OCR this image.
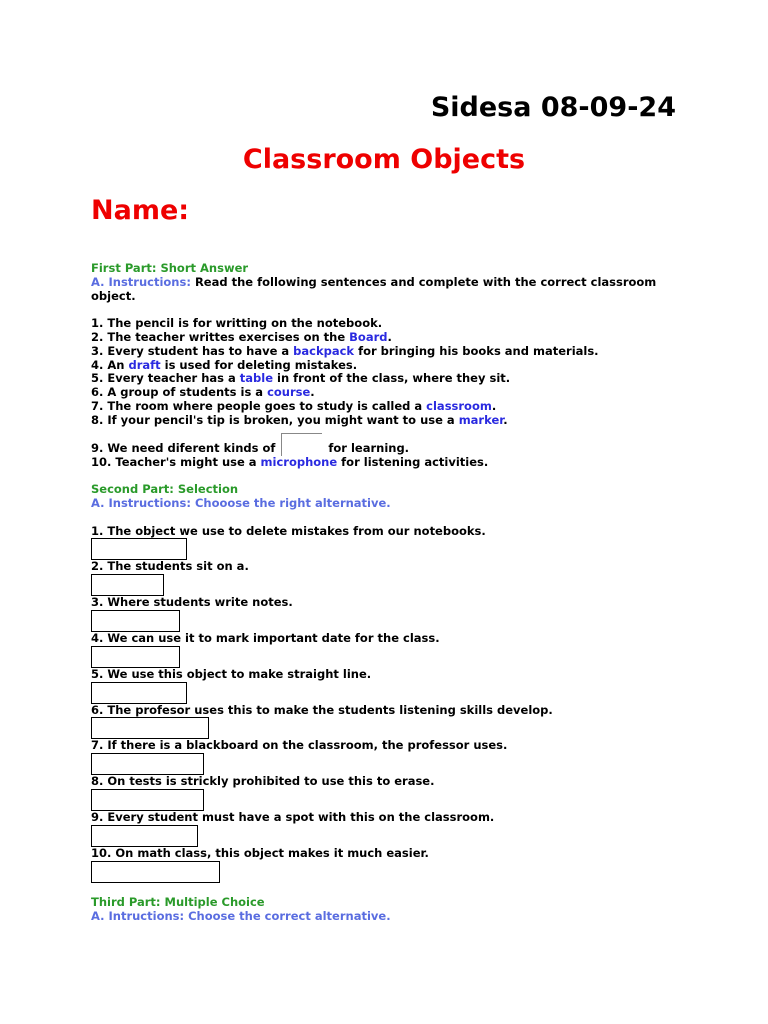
Sidesa 08-09-24
Classroom Objects
Name:
First Part: Short Answer
A. Instructions: Read the following sentences and complete with the correct classroom
object.
1. The pencil is for writting on the notebook.
2. The teacher writtes exercises on the Board.
3. Every student has to have a backpack for bringing his books and materials.
4. An draft is used for deleting mistakes.
5. Every teacher has a table in front of the class, where they sit.
6. A group of students is a course.
7. The room where people goes to study is called a classroom.
8. If your pencil's tip is broken, you might want to use a marker.
9. We need diferent kinds of	for learning.
10. Teacher's might use a microphone for listening activities.
Second Part: Selection
A. Instructions: Chooose the right alternative.
1. The object we use to delete mistakes from our notebooks.
2. The students sit on a.
3. Where students write notes.
4. We can use it to mark important date for the class.
5. We use this object to make straight line.
6. The profesor uses this to make the students listening skills develop.
7. If there is a blackboard on the classroom, the professor uses.
8. On tests is strickly prohibited to use this to erase.
9. Every student must have a spot with this on the classroom.
10. On math class, this object makes it much easier.
Third Part: Multiple Choice
A. Intructions: Choose the correct alternative.
